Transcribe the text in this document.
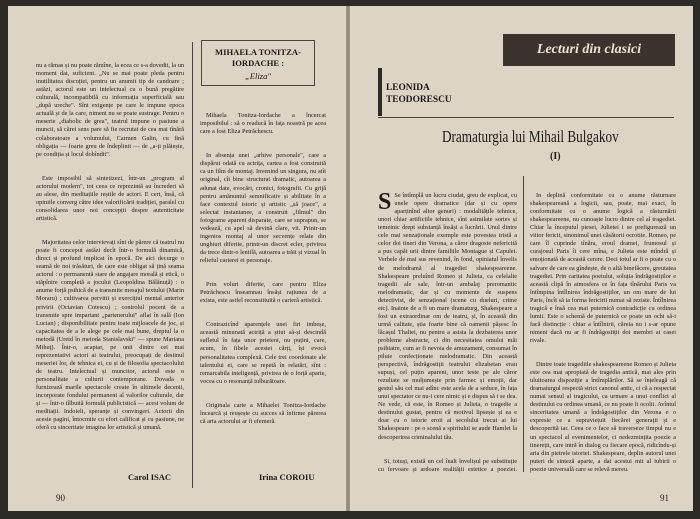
nu a rămas și nu poate rămîne, la ecea ce s-a dovedit, la un moment dat, suficient. „Nu se mai poate pleda pentru inutilitatea discuției, pentru un anumit tip de candoare ; astăzi, actorul este un intelectual cu o bună pregătire culturală, incompatibilă cu informația superficială sau „după ureche". Sînt exigențe pe care le impune epoca actuală și de la care, nimeni nu se poate sustrage. Pentru o meserie „diabolic de grea", teatrul impune o pasiune a muncii, să cărei sens pare să fie recrutat de cea mai tînără colaboratoare a volumului, Carmen Galin, cu fină obligația — foarte greu de îndeplinit — de „a-ți plătește, pe condiția și locul dobîndit".

Este imposibil să sintetizezi, într-un „program al actorului modern", tot ceea ce reprezintă au încrederi să au alese, din meditațiile reștile de actori. E cert, însă, că opiniile converg către idee valorificării tradiției, paralel cu consolidarea unor noi concepții despre autenticitate artistică.

Majoritatea celor intervievați sînt de părere că teatrul nu poate fi conceput astăzi decît într-o formulă dinamică, direct și profund implicat în epocă. De aici decurge o seamă de noi trăsături, de care este obligat să țină seama actorul : o permanentă stare de angajare morală și etică, o stăpînire completă a jocului (Leopoldina Bălănuță) : o anume forță psihică de a transmite mesajul textului (Marin Moraru) ; cultivarea pervitii și exercițiul mental anterior privirii (Octavian Cotescu) ; controlul pocent de a transmite spre impartant „partenerului" aflat în sală (Ion Lucian) ; disponibilitate pentru toate mijloacele de joc, și capacitatea de a le alege pe cele mai bune, dreptul la o metodă (Ureid în metoda Stanislavski" — spune Mariana Mihuț). Într-o, acaptar, pe unii dintre cei mai reprezentativi actori ai teatrului, preocupați de destinul meseriei lor, de tehnica ei, cu și de filosofia spectacolului de teatru. Intelectual și muncitor, actorul este o personalitate a culturii contemporane. Dovada o furnizează marile spectacole create în ultimele decenii, incorporate fondului permanent al valorilor culturale, dar și — într-o tîlbuită formulă publicistică — acest volum de meditații. Indoieli, speranțe și convingeri. Actorii din aceste pagini, întocmite cu efort calificat și cu pasiune, ne oferă cu sinceritate imagina lor artistică și umană.

Carol ISAC
MIHAELA TONITZA-IORDACHE :
„Eliza"

Mihaela Tonitza-Iordache a încercat imposibilul : să o readucă în fața noastră pe acea care a fost Eliza Petrăchescu.

In absența unei „arhive personale", care a dispărut odată cu actrița, cartea a fost construită ca un film de montaj. Invenind un singura, nu atît original, cît bine structurat dramatic, autoarea a adunat date, evocări, cronici, fotografii. Cu grijă pentru amănuntul semnificativ și abilitate în a face contextul istoric și artistic „să joace", a selectat instantanee, a construit „filmul" din fotograme aparent disparate, care se suprapun, se vedează, cu apel să devină clare, vii. Printr-un ingenios montaj al unor secvențe relate din unghiuri diferite, printr-un discret ecler, privirea da trece dintr-o lentilă, autoarea a trăit și vizual în relieful carierei ei personaje.

Prin voluri diferite, care pentru Eliza Petrăchescu înseamnau însăși rațiunea de a exista, este astfel reconstituită o carieră artistică.

Contrazicînd aparențele unei firi imbeșe, această minunată actriță a știut să-și descindă sufletul în fața unor prieteni, nu puțini, care, acum, în fibele acestei cărți, își evocă personalitatea complexă. Cele trei coordonate ale talentului ei, care se repetă în relatări, sînt : remarcabila inteligență, privirea de o forță aparte, vocea cu o resonanță tulburătoare.

Originala carte a Mihaelei Tonitza-Iordache încearcă și reușește cu succes să înfirme părerea că arta actorului ar fi efemeră.

Irina COROIU
90
Lecturi din clasici
LEONIDA TEODORESCU
Dramaturgia lui Mihail Bulgakov
(I)

S Se întîmplă un lucru ciudat, greu de explicat, cu unele opere dramatice (dar și cu opere aparținînd altor genuri) : modalitățile tehnice, unori chiar artificiile tehnice, sînt asimilate sortes și temeinic drept substanță însăși a lucrării. Unul dintre cele mai senzaționale exemple este povestea tristă a celor doi tineri din Verona, a căror dragoste nefericită a pus capăt urii dintre familiile Montague și Capulet. Verbele de mai sus revenind, în fond, opiniatul învelis de melodramă al tragediei shakespeareene. Shakespeare preluînd Romeo și Julieta, ca celelalte tragedii ale sale, într-un ambalaj preromantic melodramatic, dar și cu momente de suspens detectivist, de senzațional (scene cu dueluri, crime etc). Inainte de a fi un mare dramaturg, Shakespeare a fost un extraordinar om de teatru, și, în această din urmă calitate, știa foarte bine că oamenii pășesc în lăcașul Thaliei, nu pentru a asista la dezbaterea unor probleme abstracte, ci din necesitatea omului măi psihiatre, cum ar fi nevoia de amuzament, consumat în piluie confecționate melodramatic. Din această perspectivă, îndrăgostiții teatrului elizabetan erau supuși, cel puțin aparent, unor teste pe ale căror rezultate se mulțumește prin farmec și emoții, dar gestul său cel mai adînc este acela de a seduce, în fața unui spectator ce nu-i cere nimic și e dispus să i se dea. Ne vede, că este, în Romeo și Julieta, o tragedie a destinului gustat, pentru că motivul lipsește și ea e doar cu o istorie eroii ai secolului trecut ai lui Shakespeare : pe o scenă a spiritului se aude Hamlet la descoperirea criminalului tău.

Si, totuși, există un cel înalt învelișul pe substituție cu fervoare și ardoare realității estetice a poeziei.

In deplină conformitate cu o anume răsturnare shakespeareană a logicii, sau, poate, mai exact, în conformitate cu o anume logică a răsturnării shakespeareene, nu cunoaște lucru dintre cel al tragediei. Chiar la începutul piesei, Julietei i se prefigurează un viitor fericit, sinonimul unei căsătorii ocrotite. Romeo, pe care îl cuprinde tînăra, eroul dramei, frumosul și curajosul Paris îi cere mîna, e Julieta este mîndră și emoționată de această cerere. Deci totul ar fi o poate cu o salvare de care ea gîndește, de o altă binefăcere, greutatea tragediei. Prin caritatea poetului, soluția îndrăgostiților e această clipă în atmosfera ce în fața tînărului Paris va întîmpina întîlnirea îndrăgostiților, un om mare de lui Paris, încît să ia forma fericirii numai să reziste. Întîlnirea tragică e însă cea mai puternică contradicție cu ordinea lumii. Este o schemă de puternică ce poate un ochi să-i facă distincție : chiar a întîlnirii, căreia nu i s-ar opune nimeni dacă nu ar fi îndrăgostiții doi membri ai casei rivale.

Dintre toate tragediile shakespeareene Romeo și Julieta este cea mai apropiată de tragedia antică, mai ales prin uluitoarea dispoziție a întîmplărilor. Să se înțeleagă că dramaturgul respectă strict canonul antic, ci că a respectat numai sensul al tragicului, ca urmare a unui conflict al destinului cu ordinea umană, ce nu poate fi ocolit. Avîntul sinceritatea umană a îndrăgostiților din Verona e o expresie ce a supraviețuit fiecărei generații și e descoperită iar. Ceea ce o face să traverseze timpul nu e un spectacol al evenimentelor, ci nedezmințita poezie a tinereții, care intră în dialog cu fiecare epocă, ridicîndu-și aria din pietrele istoriei. Shakespeare, deplin autorul unei puteri de sinteză aparte, a dat acestui mit al iubirii o poezie universală care se relevă mereu.

91
